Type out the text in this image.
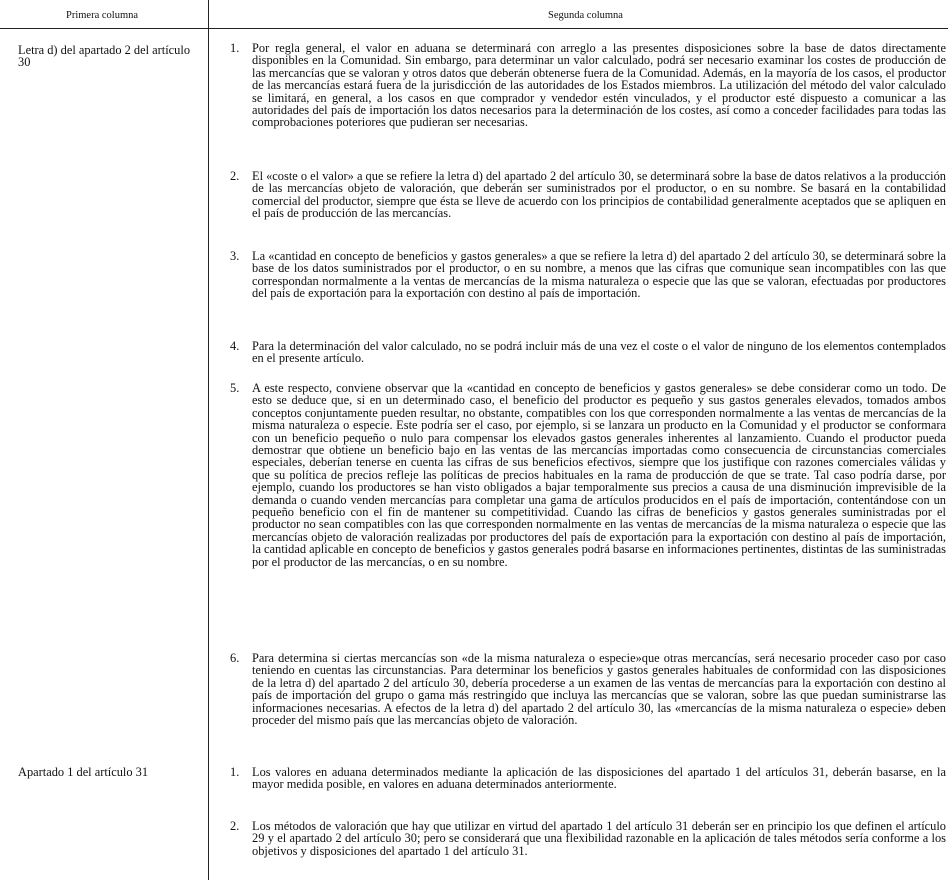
Primera columna	Segunda columna
Letra d) del apartado 2 del artículo 30
1. Por regla general, el valor en aduana se determinará con arreglo a las presentes disposiciones sobre la base de datos directamente disponibles en la Comunidad. Sin embargo, para determinar un valor calculado, podrá ser necesario examinar los costes de producción de las mercancías que se valoran y otros datos que deberán obtenerse fuera de la Comunidad. Además, en la mayoría de los casos, el productor de las mercancías estará fuera de la jurisdicción de las autoridades de los Estados miembros. La utilización del método del valor calculado se limitará, en general, a los casos en que comprador y vendedor estén vinculados, y el productor esté dispuesto a comunicar a las autoridades del país de importación los datos necesarios para la determinación de los costes, así como a conceder facilidades para todas las comprobaciones poteriores que pudieran ser necesarias.
2. El «coste o el valor» a que se refiere la letra d) del apartado 2 del artículo 30, se determinará sobre la base de datos relativos a la producción de las mercancías objeto de valoración, que deberán ser suministrados por el productor, o en su nombre. Se basará en la contabilidad comercial del productor, siempre que ésta se lleve de acuerdo con los principios de contabilidad generalmente aceptados que se apliquen en el país de producción de las mercancías.
3. La «cantidad en concepto de beneficios y gastos generales» a que se refiere la letra d) del apartado 2 del artículo 30, se determinará sobre la base de los datos suministrados por el productor, o en su nombre, a menos que las cifras que comunique sean incompatibles con las que correspondan normalmente a la ventas de mercancías de la misma naturaleza o especie que las que se valoran, efectuadas por productores del país de exportación para la exportación con destino al país de importación.
4. Para la determinación del valor calculado, no se podrá incluir más de una vez el coste o el valor de ninguno de los elementos contemplados en el presente artículo.
5. A este respecto, conviene observar que la «cantidad en concepto de beneficios y gastos generales» se debe considerar como un todo. De esto se deduce que, si en un determinado caso, el beneficio del productor es pequeño y sus gastos generales elevados, tomados ambos conceptos conjuntamente pueden resultar, no obstante, compatibles con los que corresponden normalmente a las ventas de mercancías de la misma naturaleza o especie. Este podría ser el caso, por ejemplo, si se lanzara un producto en la Comunidad y el productor se conformara con un beneficio pequeño o nulo para compensar los elevados gastos generales inherentes al lanzamiento. Cuando el productor pueda demostrar que obtiene un beneficio bajo en las ventas de las mercancías importadas como consecuencia de circunstancias comerciales especiales, deberían tenerse en cuenta las cifras de sus beneficios efectivos, siempre que los justifique con razones comerciales válidas y que su política de precios refleje las políticas de precios habituales en la rama de producción de que se trate. Tal caso podría darse, por ejemplo, cuando los productores se han visto obligados a bajar temporalmente sus precios a causa de una disminución imprevisible de la demanda o cuando venden mercancías para completar una gama de artículos producidos en el país de importación, contentándose con un pequeño beneficio con el fin de mantener su competitividad. Cuando las cifras de beneficios y gastos generales suministradas por el productor no sean compatibles con las que corresponden normalmente en las ventas de mercancías de la misma naturaleza o especie que las mercancías objeto de valoración realizadas por productores del país de exportación para la exportación con destino al país de importación, la cantidad aplicable en concepto de beneficios y gastos generales podrá basarse en informaciones pertinentes, distintas de las suministradas por el productor de las mercancías, o en su nombre.
6. Para determina si ciertas mercancías son «de la misma naturaleza o especie»que otras mercancías, será necesario proceder caso por caso teniendo en cuentas las circunstancias. Para determinar los beneficios y gastos generales habituales de conformidad con las disposiciones de la letra d) del apartado 2 del artículo 30, debería procederse a un examen de las ventas de mercancías para la exportación con destino al país de importación del grupo o gama más restringido que incluya las mercancías que se valoran, sobre las que puedan suministrarse las informaciones necesarias. A efectos de la letra d) del apartado 2 del artículo 30, las «mercancías de la misma naturaleza o especie» deben proceder del mismo país que las mercancías objeto de valoración.
Apartado 1 del artículo 31	1. Los valores en aduana determinados mediante la aplicación de las disposiciones del apartado 1 del artículos 31, deberán basarse, en la mayor medida posible, en valores en aduana determinados anteriormente.
2. Los métodos de valoración que hay que utilizar en virtud del apartado 1 del artículo 31 deberán ser en principio los que definen el artículo 29 y el apartado 2 del artículo 30; pero se considerará que una flexibilidad razonable en la aplicación de tales métodos sería conforme a los objetivos y disposiciones del apartado 1 del artículo 31.
